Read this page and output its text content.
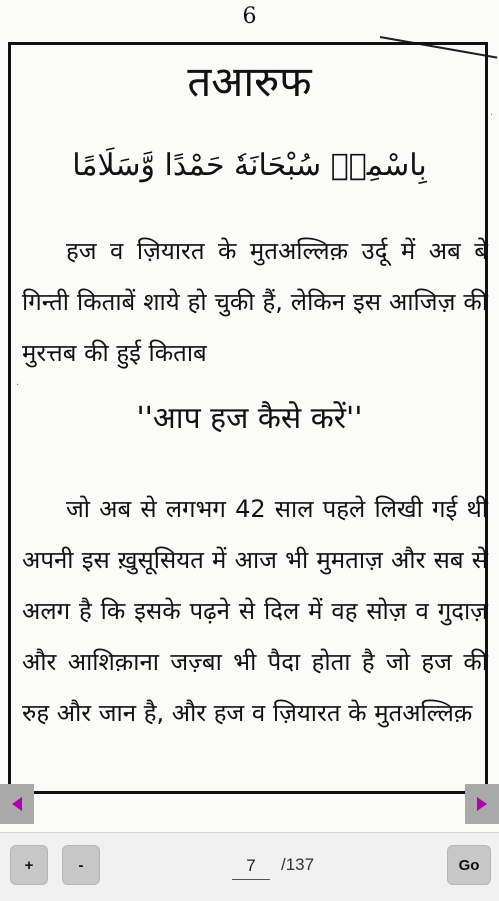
6
तआरुफ
بِاسْمِهٖ سُبْحَانَهٗ حَمْدًا وَّسَلَامًا
हज व ज़ियारत के मुतअल्लिक़ उर्दू में अब बे गिन्ती किताबें शाये हो चुकी हैं, लेकिन इस आजिज़ की मुरत्तब की हुई किताब
''आप हज कैसे करें''
जो अब से लगभग 42 साल पहले लिखी गई थी अपनी इस ख़ुसूसियत में आज भी मुमताज़ और सब से अलग है कि इसके पढ़ने से दिल में वह सोज़ व गुदाज़ और आशिक़ाना जज़्बा भी पैदा होता है जो हज की रुह और जान है, और हज व ज़ियारत के मुतअल्लिक़
·
·
+	-
7	/137	Go
